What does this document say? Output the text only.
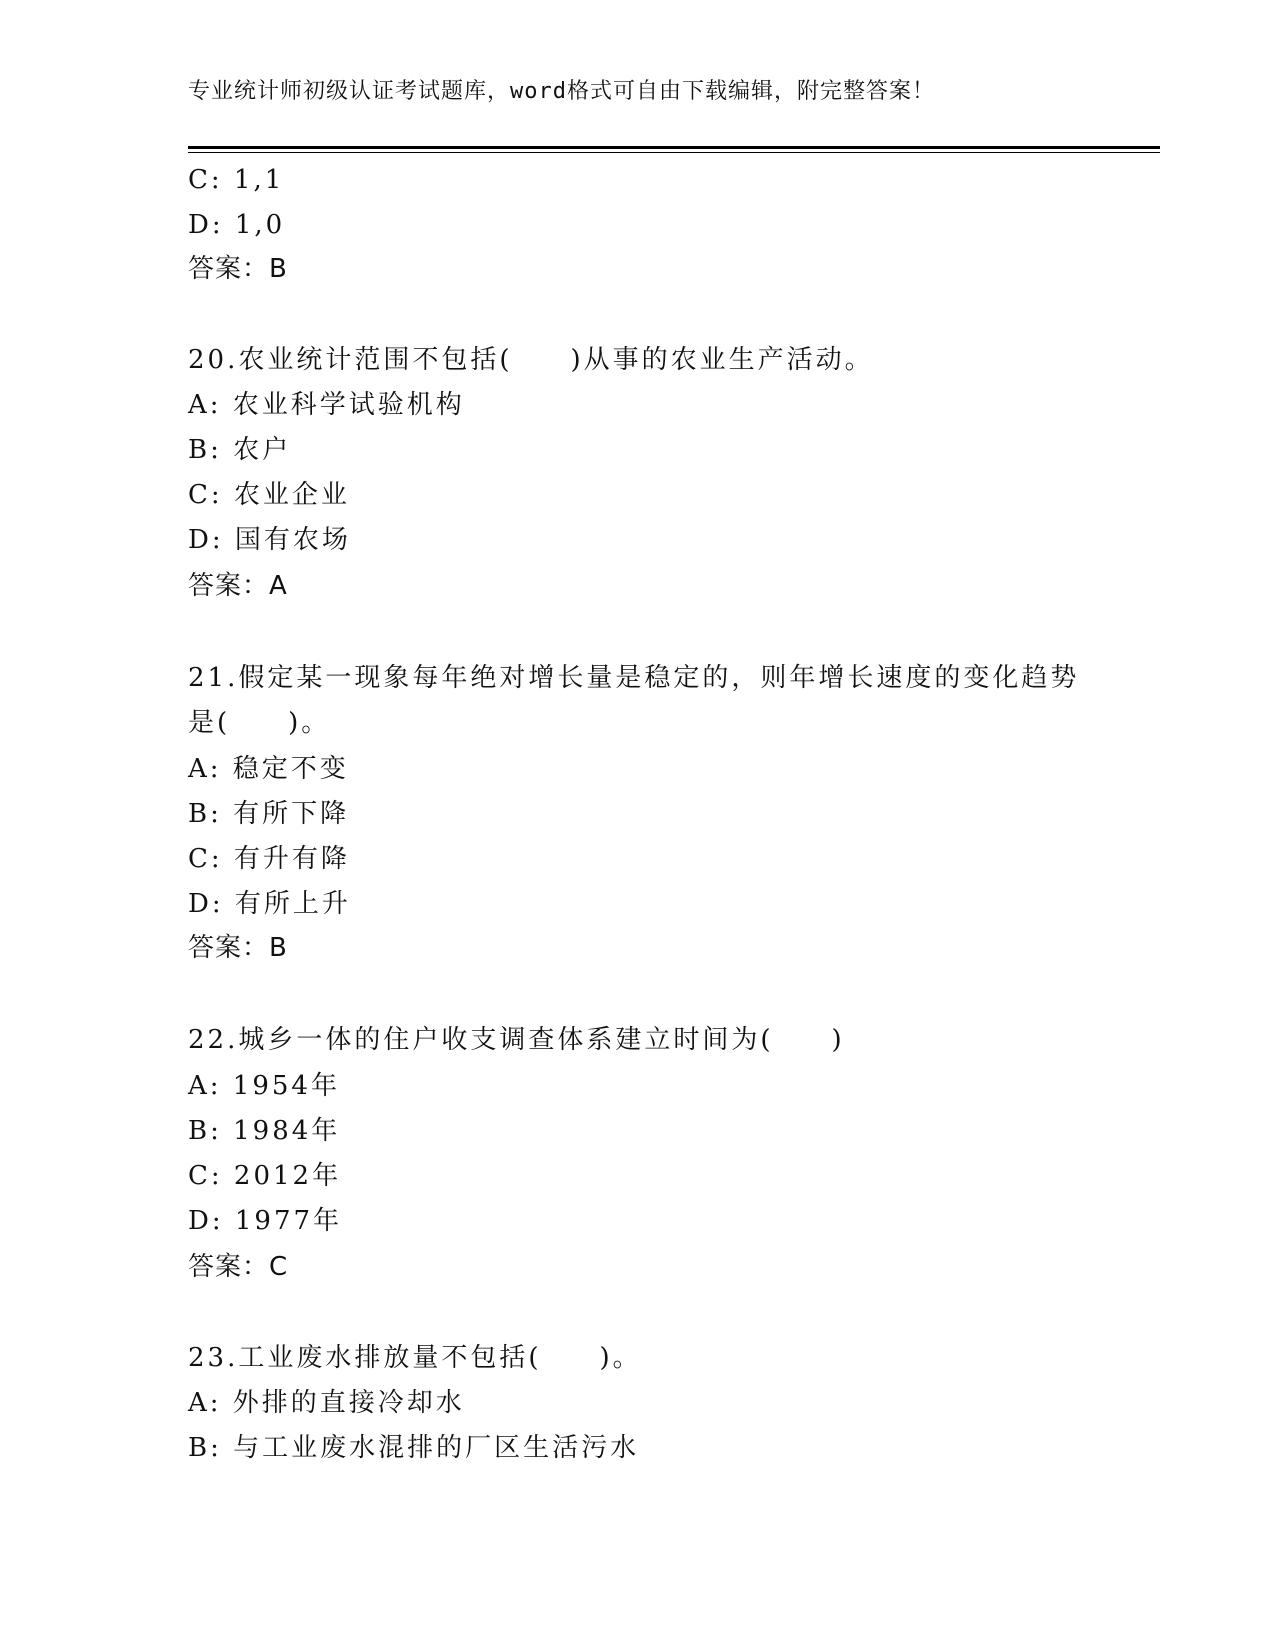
专业统计师初级认证考试题库，word格式可自由下载编辑，附完整答案！
C: 1,1
D: 1,0
答案：B
20.农业统计范围不包括(　　)从事的农业生产活动。
A: 农业科学试验机构
B: 农户
C: 农业企业
D: 国有农场
答案：A
21.假定某一现象每年绝对增长量是稳定的，则年增长速度的变化趋势
是(　　)。
A: 稳定不变
B: 有所下降
C: 有升有降
D: 有所上升
答案：B
22.城乡一体的住户收支调查体系建立时间为(　　)
A: 1954年
B: 1984年
C: 2012年
D: 1977年
答案：C
23.工业废水排放量不包括(　　)。
A: 外排的直接冷却水
B: 与工业废水混排的厂区生活污水
